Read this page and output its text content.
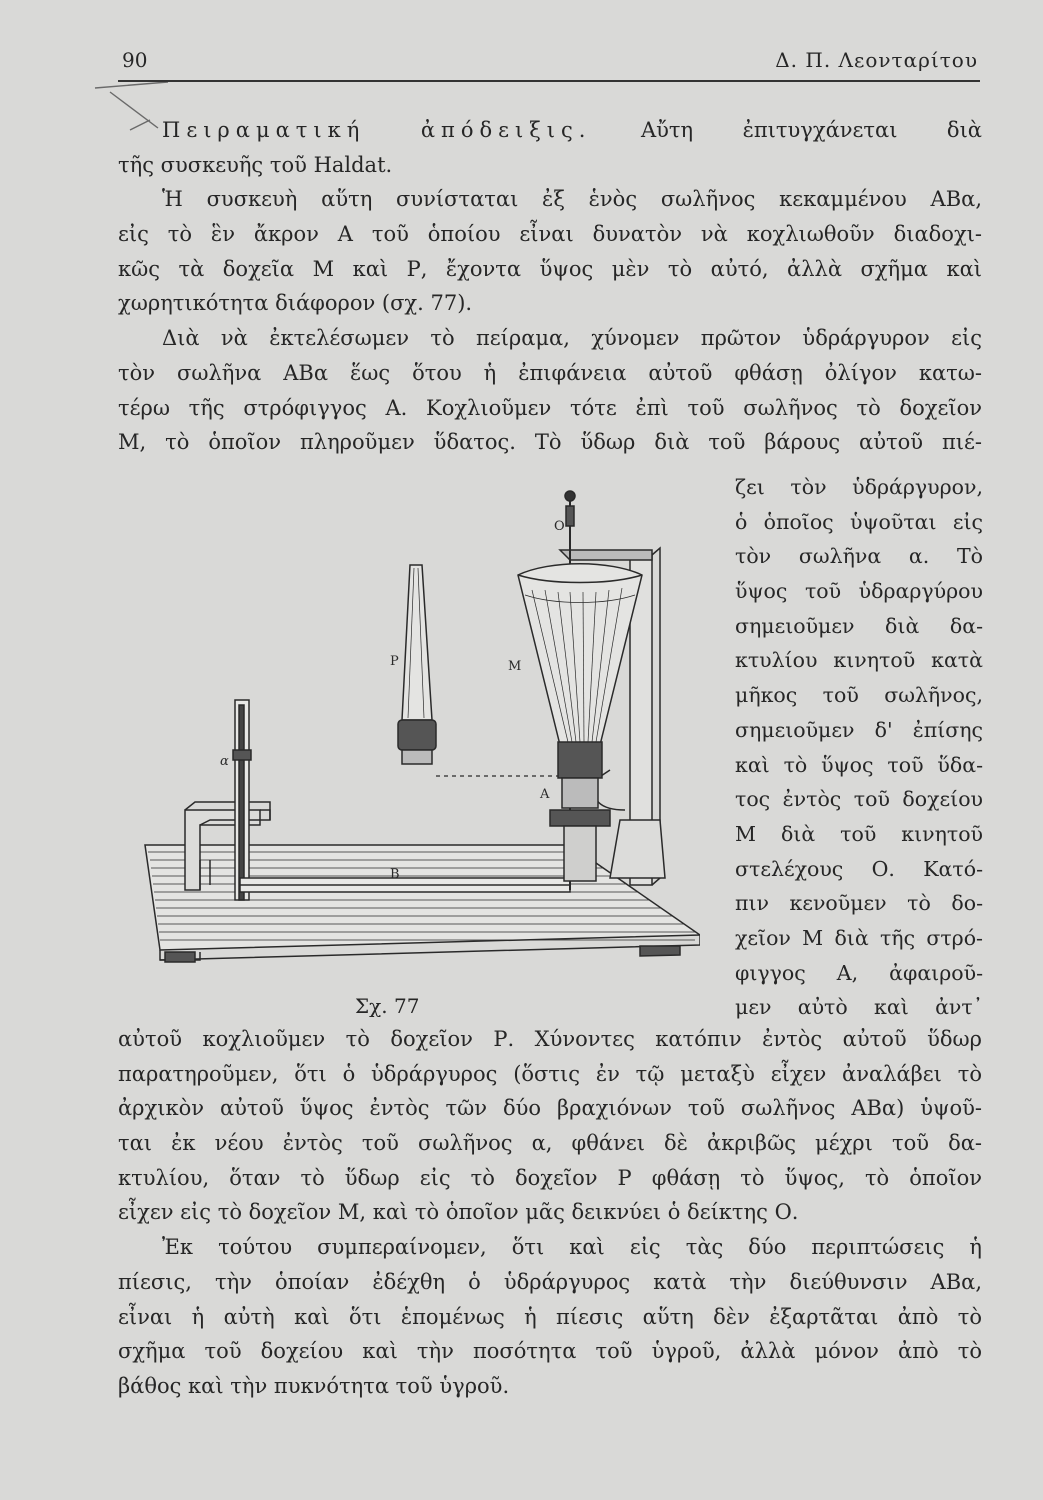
90	Δ. Π. Λεονταρίτου
Πειραματική ἀπόδειξις. Αὔτη ἐπιτυγχάνεται διὰ
τῆς συσκευῆς τοῦ Haldat.
Ἡ συσκευὴ αὕτη συνίσταται ἐξ ἑνὸς σωλῆνος κεκαμμένου ΑΒα,
εἰς τὸ ἓν ἄκρον Α τοῦ ὁποίου εἶναι δυνατὸν νὰ κοχλιωθοῦν διαδοχι-
κῶς τὰ δοχεῖα Μ καὶ Ρ, ἔχοντα ὕψος μὲν τὸ αὐτό, ἀλλὰ σχῆμα καὶ
χωρητικότητα διάφορον (σχ. 77).
Διὰ νὰ ἐκτελέσωμεν τὸ πείραμα, χύνομεν πρῶτον ὑδράργυρον εἰς
τὸν σωλῆνα ΑΒα ἕως ὅτου ἡ ἐπιφάνεια αὐτοῦ φθάσῃ ὀλίγον κατω-
τέρω τῆς στρόφιγγος Α. Κοχλιοῦμεν τότε ἐπὶ τοῦ σωλῆνος τὸ δοχεῖον
Μ, τὸ ὁποῖον πληροῦμεν ὕδατος. Τὸ ὕδωρ διὰ τοῦ βάρους αὐτοῦ πιέ-
ζει τὸν ὑδράργυρον,
ὁ ὁποῖος ὑψοῦται εἰς
τὸν σωλῆνα α. Τὸ
ὕψος τοῦ ὑδραργύρου
σημειοῦμεν διὰ δα-
κτυλίου κινητοῦ κατὰ
μῆκος τοῦ σωλῆνος,
σημειοῦμεν δ' ἐπίσης
καὶ τὸ ὕψος τοῦ ὕδα-
τος ἐντὸς τοῦ δοχείου
Μ διὰ τοῦ κινητοῦ
στελέχους Ο. Κατό-
πιν κενοῦμεν τὸ δο-
χεῖον Μ διὰ τῆς στρό-
φιγγος Α, ἀφαιροῦ-
μεν αὐτὸ καὶ ἀντ᾽
Ο
Ρ	Μ
α
Α
Β
Σχ. 77
αὐτοῦ κοχλιοῦμεν τὸ δοχεῖον Ρ. Χύνοντες κατόπιν ἐντὸς αὐτοῦ ὕδωρ
παρατηροῦμεν, ὅτι ὁ ὑδράργυρος (ὅστις ἐν τῷ μεταξὺ εἶχεν ἀναλάβει τὸ
ἀρχικὸν αὐτοῦ ὕψος ἐντὸς τῶν δύο βραχιόνων τοῦ σωλῆνος ΑΒα) ὑψοῦ-
ται ἐκ νέου ἐντὸς τοῦ σωλῆνος α, φθάνει δὲ ἀκριβῶς μέχρι τοῦ δα-
κτυλίου, ὅταν τὸ ὕδωρ εἰς τὸ δοχεῖον Ρ φθάσῃ τὸ ὕψος, τὸ ὁποῖον
εἶχεν εἰς τὸ δοχεῖον Μ, καὶ τὸ ὁποῖον μᾶς δεικνύει ὁ δείκτης Ο.
Ἐκ τούτου συμπεραίνομεν, ὅτι καὶ εἰς τὰς δύο περιπτώσεις ἡ
πίεσις, τὴν ὁποίαν ἐδέχθη ὁ ὑδράργυρος κατὰ τὴν διεύθυνσιν ΑΒα,
εἶναι ἡ αὐτὴ καὶ ὅτι ἑπομένως ἡ πίεσις αὕτη δὲν ἐξαρτᾶται ἀπὸ τὸ
σχῆμα τοῦ δοχείου καὶ τὴν ποσότητα τοῦ ὑγροῦ, ἀλλὰ μόνον ἀπὸ τὸ
βάθος καὶ τὴν πυκνότητα τοῦ ὑγροῦ.
